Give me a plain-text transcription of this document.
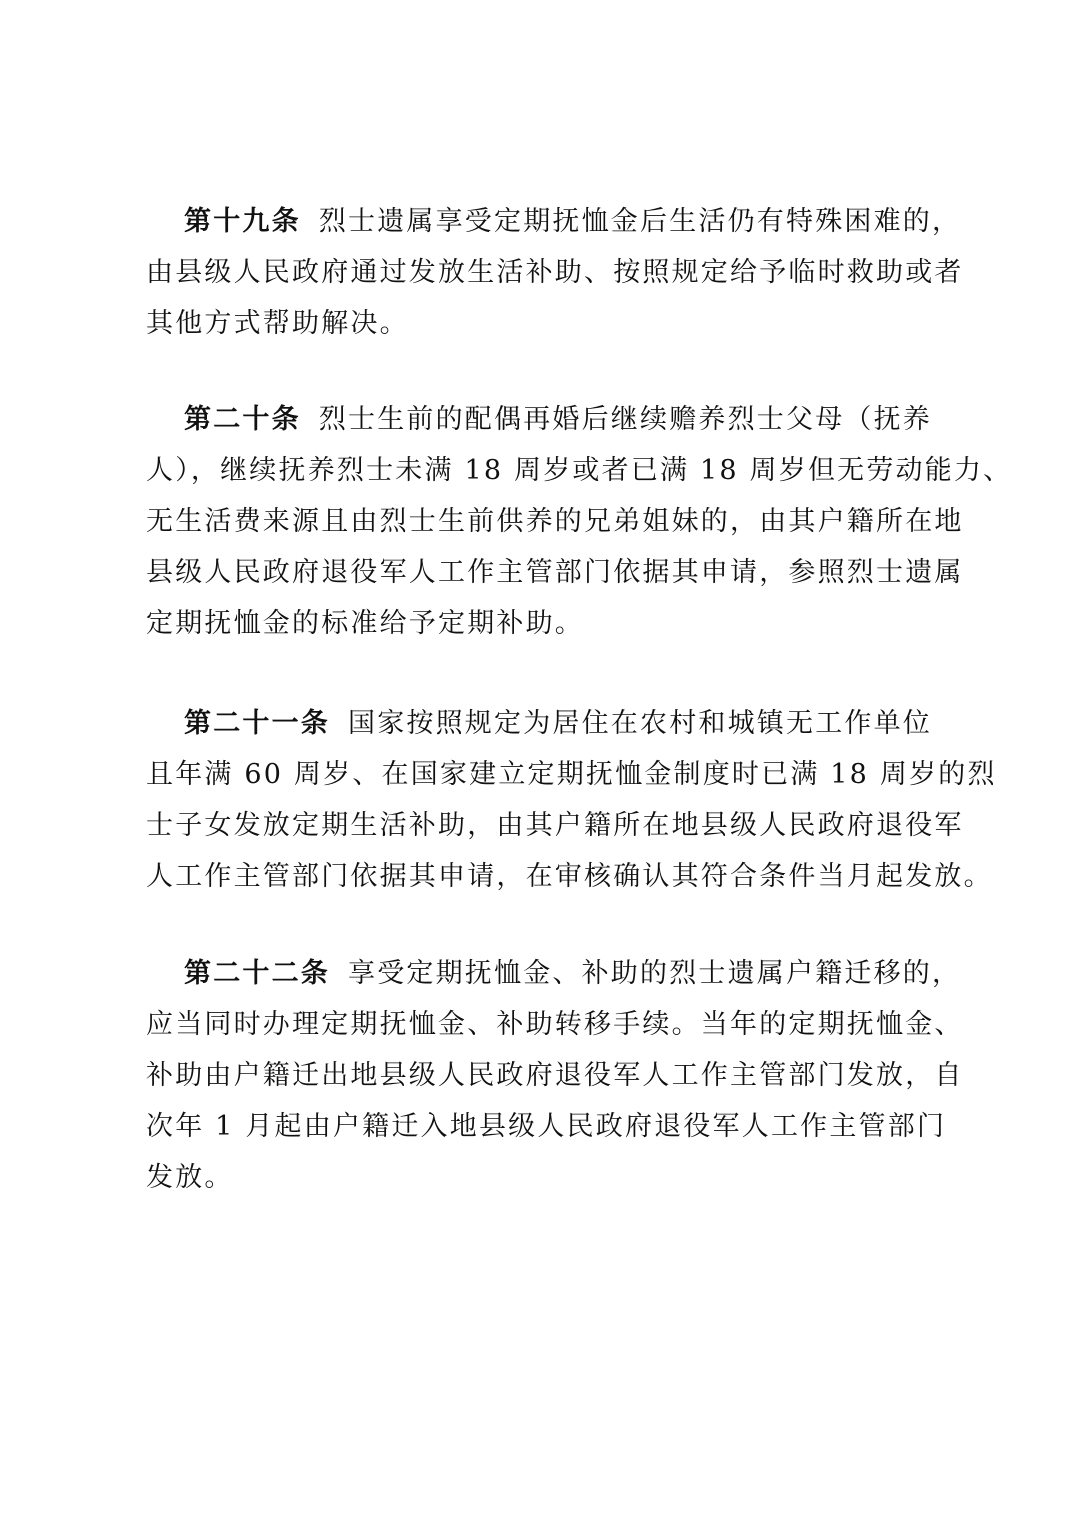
第十九条 烈士遗属享受定期抚恤金后生活仍有特殊困难的，
由县级人民政府通过发放生活补助、按照规定给予临时救助或者
其他方式帮助解决。
第二十条 烈士生前的配偶再婚后继续赡养烈士父母（抚养
人），继续抚养烈士未满 18 周岁或者已满 18 周岁但无劳动能力、
无生活费来源且由烈士生前供养的兄弟姐妹的，由其户籍所在地
县级人民政府退役军人工作主管部门依据其申请，参照烈士遗属
定期抚恤金的标准给予定期补助。
第二十一条 国家按照规定为居住在农村和城镇无工作单位
且年满 60 周岁、在国家建立定期抚恤金制度时已满 18 周岁的烈
士子女发放定期生活补助，由其户籍所在地县级人民政府退役军
人工作主管部门依据其申请，在审核确认其符合条件当月起发放。
第二十二条 享受定期抚恤金、补助的烈士遗属户籍迁移的，
应当同时办理定期抚恤金、补助转移手续。当年的定期抚恤金、
补助由户籍迁出地县级人民政府退役军人工作主管部门发放，自
次年 1 月起由户籍迁入地县级人民政府退役军人工作主管部门
发放。
